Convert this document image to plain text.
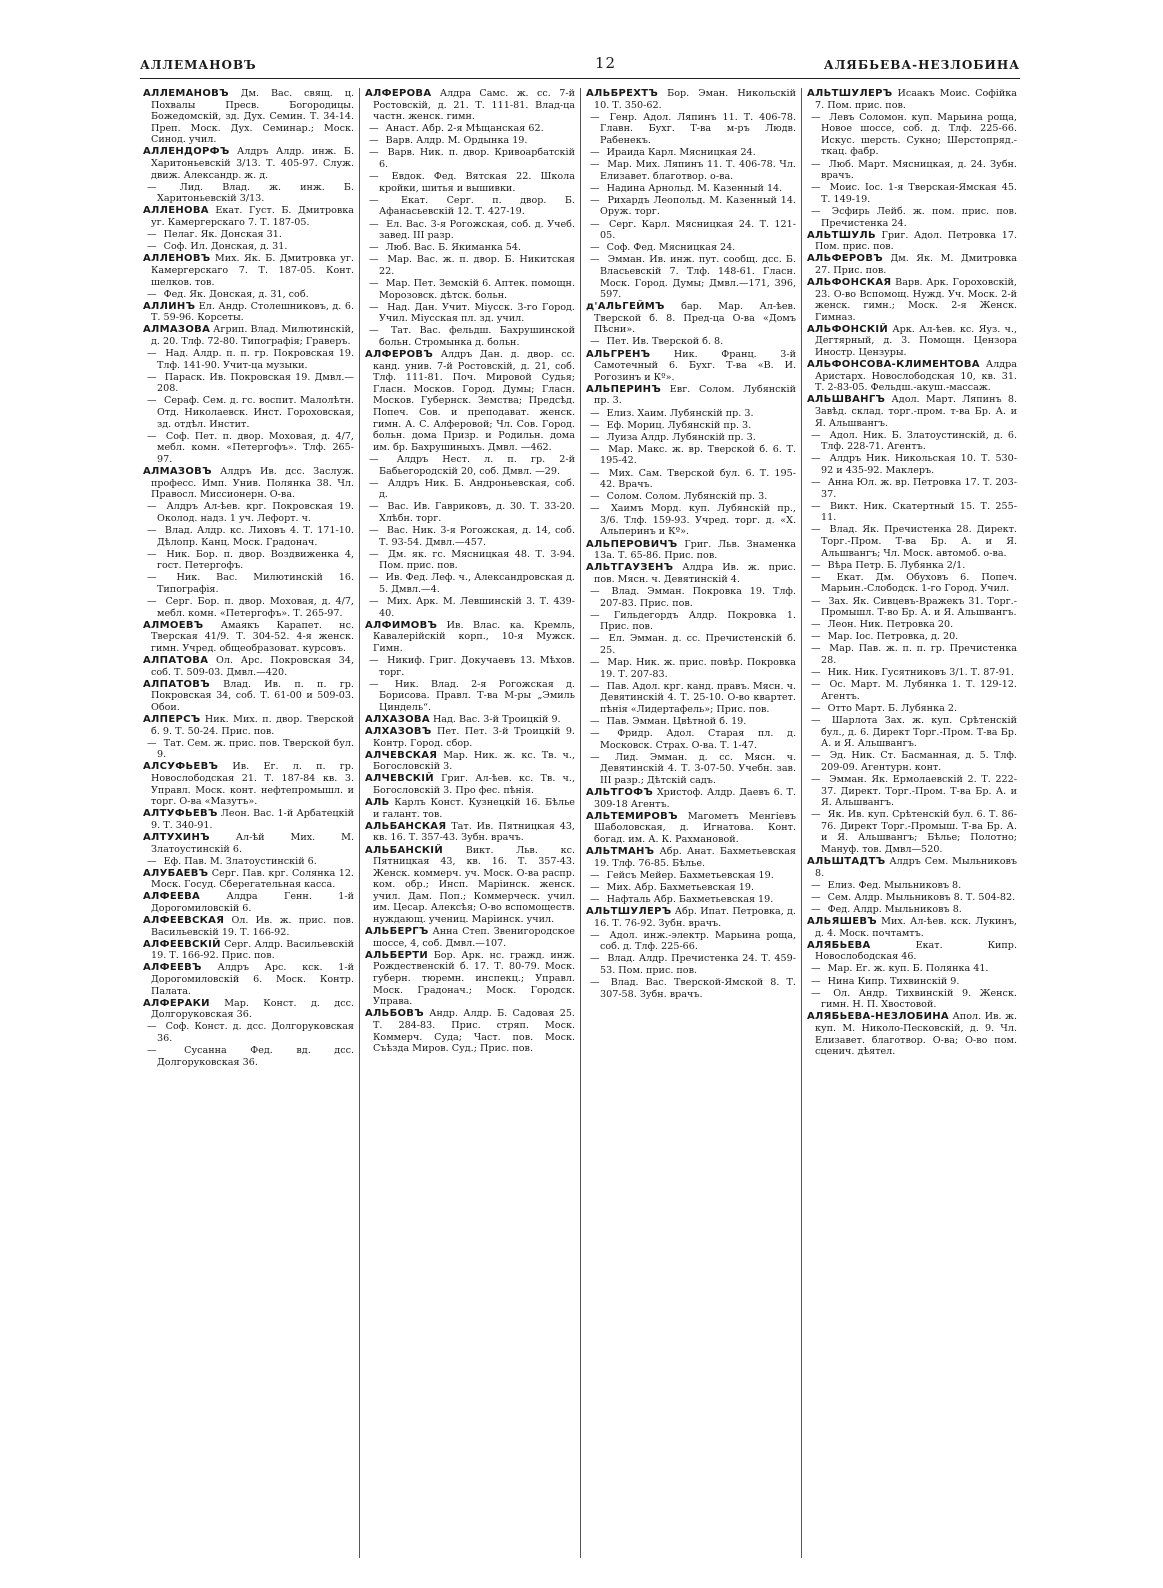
АЛЛЕМАНОВЪ	12	АЛЯБЬЕВА-НЕЗЛОБИНА

АЛЛЕМАНОВЪ Дм. Вас. свящ. ц. Похвалы Пресв. Богородицы. Божедомскiй, зд. Дух. Семин. Т. 34-14. Преп. Моск. Дух. Семинар.; Моск. Синод. учил.

АЛЛЕНДОРФЪ Алдръ Алдр. инж. Б. Харитоньевскiй 3/13. Т. 405-97. Служ. движ. Александр. ж. д.

— Лид. Влад. ж. инж. Б. Харитоньевскiй 3/13.

АЛЛЕНОВА Екат. Густ. Б. Дмитровка уг. Камергерскаго 7. Т. 187-05.

— Пелаг. Як. Донская 31.

— Соф. Ил. Донская, д. 31.

АЛЛЕНОВЪ Мих. Як. Б. Дмитровка уг. Камергерскаго 7. Т. 187-05. Конт. шелков. тов.

— Фед. Як. Донская, д. 31, соб.

АЛЛИНЪ Ел. Андр. Столешниковъ, д. 6. Т. 59-96. Корсеты.

АЛМАЗОВА Агрип. Влад. Милютинскiй, д. 20. Тлф. 72-80. Типографiя; Граверъ.

— Над. Алдр. п. п. гр. Покровская 19. Тлф. 141-90. Учит-ца музыки.

— Параск. Ив. Покровская 19. Дмвл.—208.

— Сераф. Сем. д. гс. воспит. Малолѣтн. Отд. Николаевск. Инст. Гороховская, зд. отдѣл. Инстит.

— Соф. Пет. п. двор. Моховая, д. 4/7, мебл. комн. «Петергофъ». Тлф. 265-97.

АЛМАЗОВЪ Алдръ Ив. дсс. Заслуж. професс. Имп. Унив. Полянка 38. Чл. Правосл. Миссионерн. О-ва.

— Алдръ Ал-ѣев. крг. Покровская 19. Околод. надз. 1 уч. Лефорт. ч.

— Влад. Алдр. кс. Лиховъ 4. Т. 171-10. Дѣлопр. Канц. Моск. Градонач.

— Ник. Бор. п. двор. Воздвиженка 4, гост. Петергофъ.

— Ник. Вас. Милютинскiй 16. Типографiя.

— Серг. Бор. п. двор. Моховая, д. 4/7, мебл. комн. «Петергофъ». Т. 265-97.

АЛМОЕВЪ Амаякъ Карапет. нс. Тверская 41/9. Т. 304-52. 4-я женск. гимн. Учред. общеобразоват. курсовъ.

АЛПАТОВА Ол. Арс. Покровская 34, соб. Т. 509-03. Дмвл.—420.

АЛПАТОВЪ Влад. Ив. п. п. гр. Покровская 34, соб. Т. 61-00 и 509-03. Обои.

АЛПЕРСЪ Ник. Мих. п. двор. Тверской б. 9. Т. 50-24. Прис. пов.

— Тат. Сем. ж. прис. пов. Тверской бул. 9.

АЛСУФЬЕВЪ Ив. Ег. л. п. гр. Новослободская 21. Т. 187-84 кв. 3. Управл. Моск. конт. нефтепромышл. и торг. О-ва «Мазутъ».

АЛТУФЬЕВЪ Леон. Вас. 1-й Арбатецкiй 9. Т. 340-91.

АЛТУХИНЪ	Ал-ѣй Мих. М. Златоустинскiй 6.

— Еф. Пав. М. Златоустинскiй 6.

АЛУБАЕВЪ Серг. Пав. крг. Солянка 12. Моск. Госуд. Сберегательная касса.

АЛФЕЕВА	Алдра Генн. 1-й Дорогомиловскiй 6.

АЛФЕЕВСКАЯ Ол. Ив. ж. прис. пов. Васильевскiй 19. Т. 166-92.

АЛФЕЕВСКIЙ Серг. Алдр. Васильевскiй 19. Т. 166-92. Прис. пов.

АЛФЕЕВЪ Алдръ Арс. кск. 1-й Дорогомиловскiй 6. Моск. Контр. Палата.

АЛФЕРАКИ Мар. Конст. д. дсс. Долгоруковская 36.

— Соф. Конст. д. дсс. Долгоруковская 36.

—	Сусанна Фед. вд. дсс. Долгоруковская 36.

АЛФЕРОВА Алдра Самс. ж. сс. 7-й Ростовскiй, д. 21. Т. 111-81. Влад-ца частн. женск. гимн.

— Анаст. Абр. 2-я Мѣщанская 62.

— Варв. Алдр. М. Ордынка 19.

— Варв. Ник. п. двор. Кривоарбатскiй 6.

— Евдок. Фед. Вятская 22. Школа кройки, шитья и вышивки.

— Екат. Серг. п. двор. Б. Афанасьевскiй 12. Т. 427-19.

— Ел. Вас. 3-я Рогожская, соб. д. Учеб. завед. III разр.

— Люб. Вас. Б. Якиманка 54.

— Мар. Вас. ж. п. двор. Б. Никитская 22.

— Мар. Пет. Земскiй 6. Аптек. помощн. Морозовск. дѣтск. больн.

— Над. Дан. Учит. Мiусск. 3-го Город. Учил. Мiусская пл. зд. учил.

— Тат. Вас. фельдш. Бахрушинской больн. Стромынка д. больн.

АЛФЕРОВЪ Алдръ Дан. д. двор. сс. канд. унив. 7-й Ростовскiй, д. 21, соб. Тлф. 111-81. Поч. Мировой Судья; Гласн. Москов. Город. Думы; Гласн. Москов. Губернск. Земства; Предсѣд. Попеч. Сов. и преподават. женск. гимн. А. С. Алферовой; Чл. Сов. Город. больн. дома Призр. и Родильн. дома им. бр. Бахрушиныхъ. Дмвл. —462.

— Алдръ Нест. л. п. гр. 2-й Бабьегородскiй 20, соб. Дмвл. —29.

— Алдръ Ник. Б. Андроньевская, соб. д.

— Вас. Ив. Гавриковъ, д. 30. Т. 33-20. Хлѣбн. торг.

— Вас. Ник. 3-я Рогожская, д. 14, соб. Т. 93-54. Дмвл.—457.

— Дм. як. гс. Мясницкая 48. Т. 3-94. Пом. прис. пов.

— Ив. Фед. Леф. ч., Александровская д. 5. Дмвл.—4.

— Мих. Арк. М. Левшинскiй 3. Т. 439-40.

АЛФИМОВЪ Ив. Влас. ка. Кремль, Кавалерiйскiй корп., 10-я Мужск. Гимн.

— Никиф. Григ. Докучаевъ 13. Мѣхов. торг.

— Ник. Влад. 2-я Рогожская д. Борисова. Правл. Т-ва М-ры „Эмиль Циндель“.

АЛХАЗОВА Над. Вас. 3-й Троицкiй 9.

АЛХАЗОВЪ Пет. Пет. 3-й Троицкiй 9. Контр. Город. сбор.

АЛЧЕВСКАЯ Мар. Ник. ж. кс. Тв. ч., Богословскiй 3.

АЛЧЕВСКIЙ Григ. Ал-ѣев. кс. Тв. ч., Богословскiй 3. Про фес. пѣнiя.

АЛЬ Карлъ Конст. Кузнецкiй 16. Бѣлье и галант. тов.

АЛЬБАНСКАЯ Тат. Ив. Пятницкая 43, кв. 16. Т. 357-43. Зубн. врачъ.

АЛЬБАНСКIЙ Викт. Льв. кс. Пятницкая 43, кв. 16. Т. 357-43. Женск. коммерч. уч. Моск. О-ва распр. ком. обр.; Инсп. Марiинск. женск. учил. Дам. Поп.; Коммерческ. учил. им. Цесар. Алексѣя; О-во вспомоществ. нуждающ. учениц. Марiинск. учил.

АЛЬБЕРГЪ Анна Степ. Звенигородское шоссе, 4, соб. Дмвл.—107.

АЛЬБЕРТИ Бор. Арк. нс. гражд. инж. Рождественскiй б. 17. Т. 80-79. Моск. губерн. тюремн. инспекц.; Управл. Моск. Градонач.; Моск. Городск. Управа.

АЛЬБОВЪ Андр. Алдр. Б. Садовая 25. Т. 284-83. Прис. стряп. Моск. Коммерч. Суда; Част. пов. Моск. Съѣзда Миров. Суд.; Прис. пов.

АЛЬБРЕХТЪ Бор. Эман. Никольскiй 10. Т. 350-62.

— Генр. Адол. Ляпинъ 11. Т. 406-78. Главн. Бухг. Т-ва м-ръ Людв. Рабенекъ.

— Ираида Карл. Мясницкая 24.

— Мар. Мих. Ляпинъ 11. Т. 406-78. Чл. Елизавет. благотвор. о-ва.

— Надина Арнольд. М. Казенный 14.

— Рихардъ Леопольд. М. Казенный 14. Оруж. торг.

— Серг. Карл. Мясницкая 24. Т. 121-05.

— Соф. Фед. Мясницкая 24.

— Эмман. Ив. инж. пут. сообщ. дсс. Б. Власьевскiй 7. Тлф. 148-61. Гласн. Моск. Город. Думы; Дмвл.—171, 396, 597.

д'АЛЬГЕЙМЪ бар. Мар. Ал-ѣев. Тверской б. 8. Пред-ца О-ва «Домъ Пѣсни».

— Пет. Ив. Тверской б. 8.

АЛЬГРЕНЪ Ник. Франц. 3-й Самотечный 6. Бухг. Т-ва «В. И. Рогозинъ и Кº».

АЛЬПЕРИНЪ Евг. Солом. Лубянскiй пр. 3.

— Елиз. Хаим. Лубянскiй пр. 3.

— Еф. Мориц. Лубянскiй пр. 3.

— Луиза Алдр. Лубянскiй пр. 3.

— Мар. Макс. ж. вр. Тверской б. 6. Т. 195-42.

— Мих. Сам. Тверской бул. 6. Т. 195-42. Врачъ.

— Солом. Солом. Лубянскiй пр. 3.

— Хаимъ Морд. куп. Лубянскiй пр., 3/6. Тлф. 159-93. Учред. торг. д. «Х. Альперинъ и Кº».

АЛЬПЕРОВИЧЪ Григ. Льв. Знаменка 13а. Т. 65-86. Прис. пов.

АЛЬТГАУЗЕНЪ Алдра Ив. ж. прис. пов. Мясн. ч. Девятинскiй 4.

— Влад. Эмман. Покровка 19. Тлф. 207-83. Прис. пов.

— Гильдегордъ Алдр. Покровка 1. Прис. пов.

— Ел. Эмман. д. сс. Пречистенскiй б. 25.

— Мар. Ник. ж. прис. повѣр. Покровка 19. Т. 207-83.

— Пав. Адол. крг. канд. правъ. Мясн. ч. Девятинскiй 4. Т. 25-10. О-во квартет. пѣнiя «Лидертафель»; Прис. пов.

— Пав. Эмман. Цвѣтной б. 19.

— Фридр. Адол. Старая пл. д. Московск. Страх. О-ва. Т. 1-47.

— Лид. Эмман. д. сс. Мясн. ч. Девятинскiй 4. Т. 3-07-50. Учебн. зав. III разр.; Дѣтскiй садъ.

АЛЬТГОФЪ Христоф. Алдр. Даевъ 6. Т. 309-18 Агентъ.

АЛЬТЕМИРОВЪ Магометъ Менгiевъ Шаболовская, д. Игнатова. Конт. богад. им. А. К. Рахмановой.

АЛЬТМАНЪ Абр. Анат. Бахметьевская 19. Тлф. 76-85. Бѣлье.

— Гейсъ Мейер. Бахметьевская 19.

— Мих. Абр. Бахметьевская 19.

— Нафталь Абр. Бахметьевская 19.

АЛЬТШУЛЕРЪ Абр. Ипат. Петровка, д. 16. Т. 76-92. Зубн. врачъ.

— Адол. инж.-электр. Марьина роща, соб. д. Тлф. 225-66.

— Влад. Алдр. Пречистенка 24. Т. 459-53. Пом. прис. пов.

— Влад. Вас. Тверской-Ямской 8. Т. 307-58. Зубн. врачъ.

АЛЬТШУЛЕРЪ Исаакъ Моис. Софiйка 7. Пом. прис. пов.

— Левъ Соломон. куп. Марьина роща, Новое шоссе, соб. д. Тлф. 225-66. Искус. шерсть. Сукно; Шерстопряд.-ткац. фабр.

— Люб. Март. Мясницкая, д. 24. Зубн. врачъ.

— Моис. Iос. 1-я Тверская-Ямская 45. Т. 149-19.

— Эсфирь Лейб. ж. пом. прис. пов. Пречистенка 24.

АЛЬТШУЛЬ Григ. Адол. Петровка 17. Пом. прис. пов.

АЛЬФЕРОВЪ Дм. Як. М. Дмитровка 27. Прис. пов.

АЛЬФОНСКАЯ Варв. Арк. Гороховскiй, 23. О-во Вспомощ. Нужд. Уч. Моск. 2-й женск. гимн.; Моск. 2-я Женск. Гимназ.

АЛЬФОНСКIЙ Арк. Ал-ѣев. кс. Яуз. ч., Дегтярный, д. 3. Помощн. Цензора Иностр. Цензуры.

АЛЬФОНСОВА-КЛИМЕНТОВА Алдра Аристарх. Новослободская 10, кв. 31. Т. 2-83-05. Фельдш.-акуш.-массаж.

АЛЬШВАНГЪ Адол. Март. Ляпинъ 8. Завѣд. склад. торг.-пром. т-ва Бр. А. и Я. Альшвангъ.

— Адол. Ник. Б. Златоустинскiй, д. 6. Тлф. 228-71. Агентъ.

— Алдръ Ник. Никольская 10. Т. 530-92 и 435-92. Маклеръ.

— Анна Юл. ж. вр. Петровка 17. Т. 203-37.

— Викт. Ник. Скатертный 15. Т. 255-11.

— Влад. Як. Пречистенка 28. Директ. Торг.-Пром. Т-ва Бр. А. и Я. Альшвангъ; Чл. Моск. автомоб. о-ва.

— Вѣра Петр. Б. Лубянка 2/1.

— Екат. Дм. Обуховъ 6. Попеч. Марьин.-Слободск. 1-го Город. Учил.

— Зах. Як. Сивцевъ-Вражекъ 31. Торг.-Промышл. Т-во Бр. А. и Я. Альшвангъ.

— Леон. Ник. Петровка 20.

— Мар. Iос. Петровка, д. 20.

— Мар. Пав. ж. п. п. гр. Пречистенка 28.

— Ник. Ник. Гусятниковъ 3/1. Т. 87-91.

— Ос. Март. М. Лубянка 1. Т. 129-12. Агентъ.

— Отто Март. Б. Лубянка 2.

— Шарлота Зах. ж. куп. Срѣтенскiй бул., д. 6. Директ Торг.-Пром. Т-ва Бр. А. и Я. Альшвангъ.

— Эд. Ник. Ст. Басманная, д. 5. Тлф. 209-09. Агентурн. конт.

— Эмман. Як. Ермолаевскiй 2. Т. 222-37. Директ. Торг.-Пром. Т-ва Бр. А. и Я. Альшвангъ.

— Як. Ив. куп. Срѣтенскiй бул. 6. Т. 86-76. Директ Торг.-Промыш. Т-ва Бр. А. и Я. Альшвангъ; Бѣлье; Полотно; Мануф. тов. Дмвл—520.

АЛЬШТАДТЪ Алдръ Сем. Мыльниковъ 8.

— Елиз. Фед. Мыльниковъ 8.

— Сем. Алдр. Мыльниковъ 8. Т. 504-82.

— Фед. Алдр. Мыльниковъ 8.

АЛЬЯШЕВЪ Мих. Ал-ѣев. кск. Лукинъ, д. 4. Моск. почтамтъ.

АЛЯБЬЕВА	Екат. Кипр. Новослободская 46.

— Мар. Ег. ж. куп. Б. Полянка 41.

— Нина Кипр. Тихвинскiй 9.

— Ол. Андр. Тихвинскiй 9. Женск. гимн. Н. П. Хвостовой.

АЛЯБЬЕВА-НЕЗЛОБИНА Апол. Ив. ж. куп. М. Николо-Песковскiй, д. 9. Чл. Елизавет. благотвор. О-ва; О-во пом. сценич. дѣятел.
